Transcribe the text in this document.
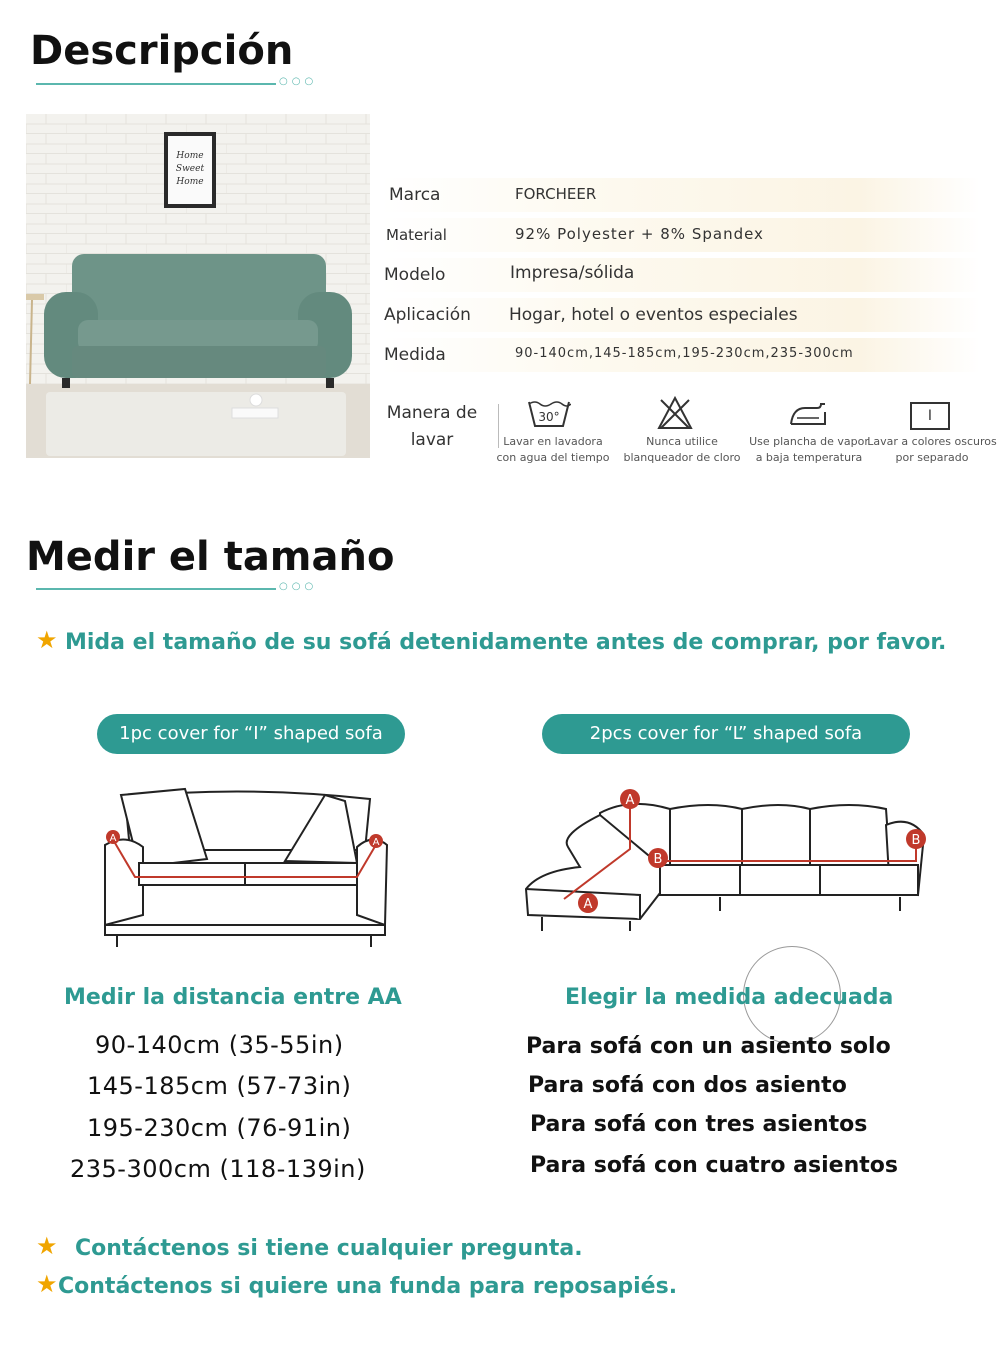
Descripción
○○○
Home
Sweet
Home
Marca	FORCHEER
Material	92% Polyester + 8% Spandex
Modelo	Impresa/sólida
Aplicación Hogar, hotel o eventos especiales
Medida	90-140cm,145-185cm,195-230cm,235-300cm
Manera de
lavar
30°
Lavar en lavadora
con agua del tiempo
Nunca utilice
blanqueador de cloro
Use plancha de vapor
a baja temperatura
I
Lavar a colores oscuros
por separado
Medir el tamaño
○○○
★ Mida el tamaño de su sofá detenidamente antes de comprar, por favor.
1pc cover for “I” shaped sofa	2pcs cover for “L” shaped sofa
A	A
A
A
B
B
Medir la distancia entre AA	Elegir la medida adecuada
90-140cm (35-55in)
145-185cm (57-73in)
195-230cm (76-91in)
235-300cm (118-139in)
Para sofá con un asiento solo
Para sofá con dos asiento
Para sofá con tres asientos
Para sofá con cuatro asientos
★ Contáctenos si tiene cualquier pregunta.
★ Contáctenos si quiere una funda para reposapiés.
